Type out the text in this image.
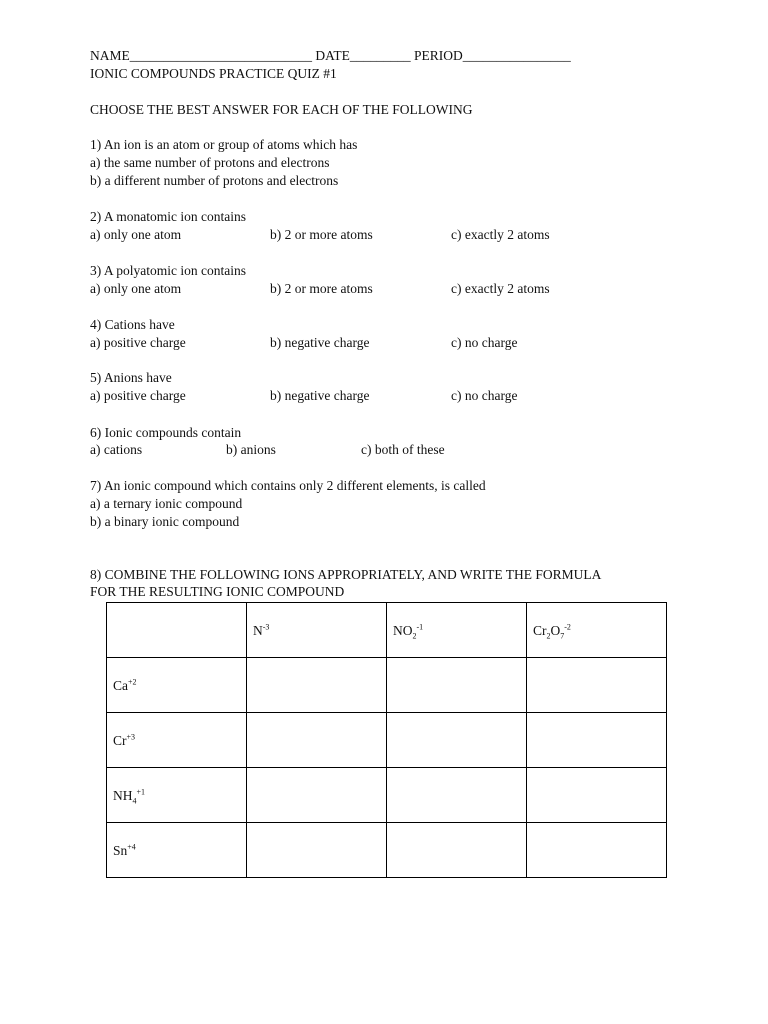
NAME___________________________ DATE_________ PERIOD________________
IONIC COMPOUNDS PRACTICE QUIZ #1
CHOOSE THE BEST ANSWER FOR EACH OF THE FOLLOWING
1) An ion is an atom or group of atoms which has
a) the same number of protons and electrons
b) a different number of protons and electrons
2) A monatomic ion contains
a) only one atom	b) 2 or more atoms	c) exactly 2 atoms
3) A polyatomic ion contains
a) only one atom	b) 2 or more atoms	c) exactly 2 atoms
4) Cations have
a) positive charge	b) negative charge	c) no charge
5) Anions have
a) positive charge	b) negative charge	c) no charge
6) Ionic compounds contain
a) cations	b) anions	c) both of these
7) An ionic compound which contains only 2 different elements, is called
a) a ternary ionic compound
b) a binary ionic compound
8) COMBINE THE FOLLOWING IONS APPROPRIATELY, AND WRITE THE FORMULA
FOR THE RESULTING IONIC COMPOUND
	$N^{-3}$	$NO_2^{-1}$	$Cr_2O_7^{-2}$
$Ca^{+2}$			
$Cr^{+3}$			
$NH_4^{+1}$			
$Sn^{+4}$			
